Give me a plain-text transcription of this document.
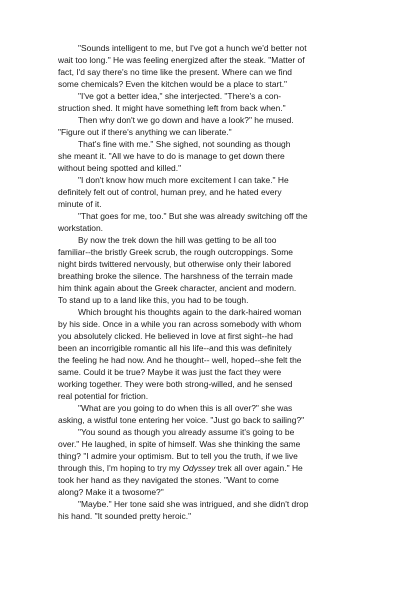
"Sounds intelligent to me, but I've got a hunch we'd better not
wait too long." He was feeling energized after the steak. "Matter of
fact, I'd say there's no time like the present. Where can we find
some chemicals? Even the kitchen would be a place to start."
"I've got a better idea," she interjected. "There's a con-
struction shed. It might have something left from back when."
Then why don't we go down and have a look?" he mused.
"Figure out if there's anything we can liberate."
That's fine with me." She sighed, not sounding as though
she meant it. "All we have to do is manage to get down there
without being spotted and killed."
"I don't know how much more excitement I can take." He
definitely felt out of control, human prey, and he hated every
minute of it.
"That goes for me, too." But she was already switching off the
workstation.
By now the trek down the hill was getting to be all too
familiar--the bristly Greek scrub, the rough outcroppings. Some
night birds twittered nervously, but otherwise only their labored
breathing broke the silence. The harshness of the terrain made
him think again about the Greek character, ancient and modern.
To stand up to a land like this, you had to be tough.
Which brought his thoughts again to the dark-haired woman
by his side. Once in a while you ran across somebody with whom
you absolutely clicked. He believed in love at first sight--he had
been an incorrigible romantic all his life--and this was definitely
the feeling he had now. And he thought-- well, hoped--she felt the
same. Could it be true? Maybe it was just the fact they were
working together. They were both strong-willed, and he sensed
real potential for friction.
"What are you going to do when this is all over?" she was
asking, a wistful tone entering her voice. "Just go back to sailing?"
"You sound as though you already assume it's going to be
over." He laughed, in spite of himself. Was she thinking the same
thing? "I admire your optimism. But to tell you the truth, if we live
through this, I'm hoping to try my Odyssey trek all over again." He
took her hand as they navigated the stones. "Want to come
along? Make it a twosome?"
"Maybe." Her tone said she was intrigued, and she didn't drop
his hand. "It sounded pretty heroic."
